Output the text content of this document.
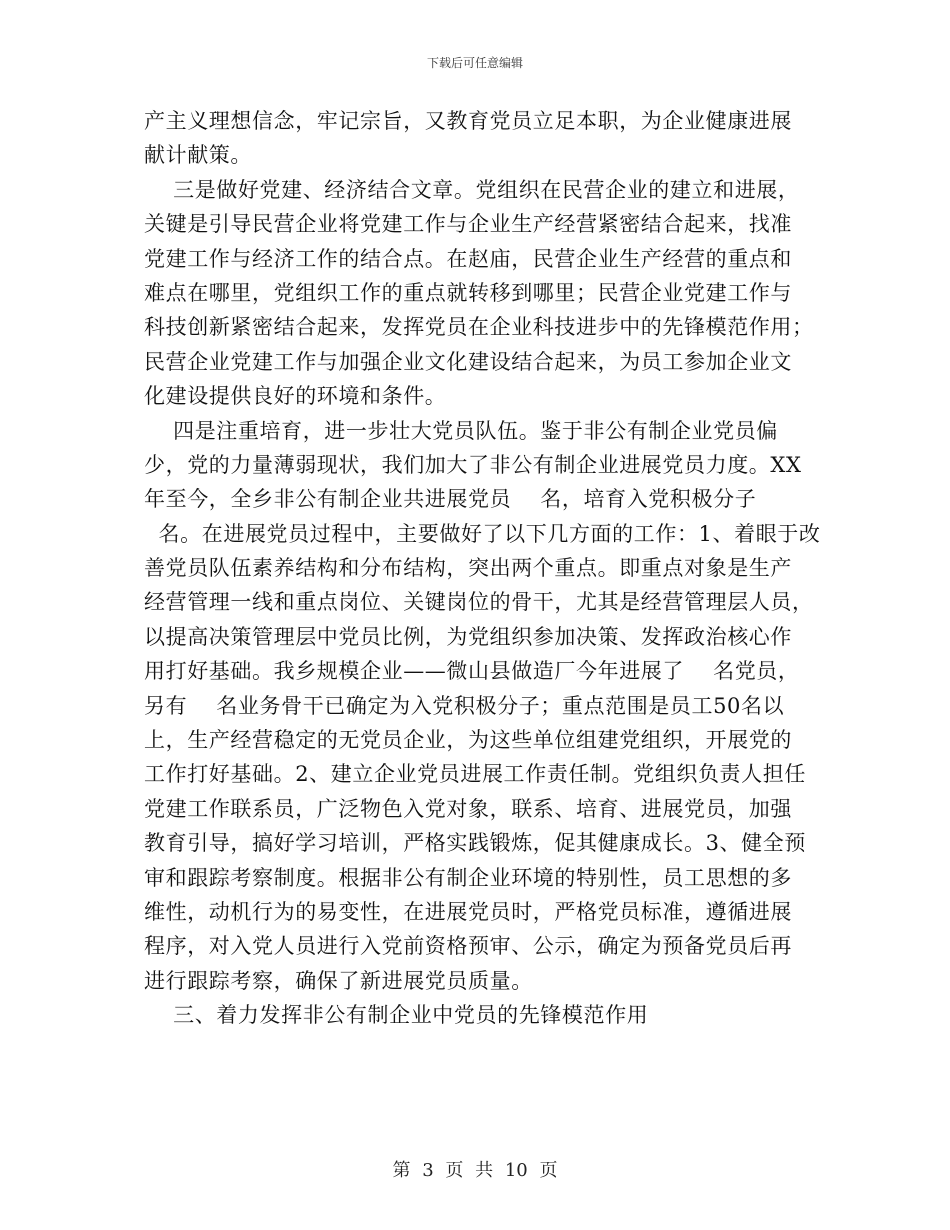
下载后可任意编辑
产主义理想信念，牢记宗旨，又教育党员立足本职，为企业健康进展
献计献策。
三是做好党建、经济结合文章。党组织在民营企业的建立和进展，
关键是引导民营企业将党建工作与企业生产经营紧密结合起来，找准
党建工作与经济工作的结合点。在赵庙，民营企业生产经营的重点和
难点在哪里，党组织工作的重点就转移到哪里；民营企业党建工作与
科技创新紧密结合起来，发挥党员在企业科技进步中的先锋模范作用；
民营企业党建工作与加强企业文化建设结合起来，为员工参加企业文
化建设提供良好的环境和条件。
四是注重培育，进一步壮大党员队伍。鉴于非公有制企业党员偏
少，党的力量薄弱现状，我们加大了非公有制企业进展党员力度。XX
年至今，全乡非公有制企业共进展党员    名，培育入党积极分子
名。在进展党员过程中，主要做好了以下几方面的工作：1、着眼于改
善党员队伍素养结构和分布结构，突出两个重点。即重点对象是生产
经营管理一线和重点岗位、关键岗位的骨干，尤其是经营管理层人员，
以提高决策管理层中党员比例，为党组织参加决策、发挥政治核心作
用打好基础。我乡规模企业——微山县做造厂今年进展了    名党员，
另有    名业务骨干已确定为入党积极分子；重点范围是员工50名以
上，生产经营稳定的无党员企业，为这些单位组建党组织，开展党的
工作打好基础。2、建立企业党员进展工作责任制。党组织负责人担任
党建工作联系员，广泛物色入党对象，联系、培育、进展党员，加强
教育引导，搞好学习培训，严格实践锻炼，促其健康成长。3、健全预
审和跟踪考察制度。根据非公有制企业环境的特别性，员工思想的多
维性，动机行为的易变性，在进展党员时，严格党员标准，遵循进展
程序，对入党人员进行入党前资格预审、公示，确定为预备党员后再
进行跟踪考察，确保了新进展党员质量。
三、着力发挥非公有制企业中党员的先锋模范作用
第 3 页 共 10 页
